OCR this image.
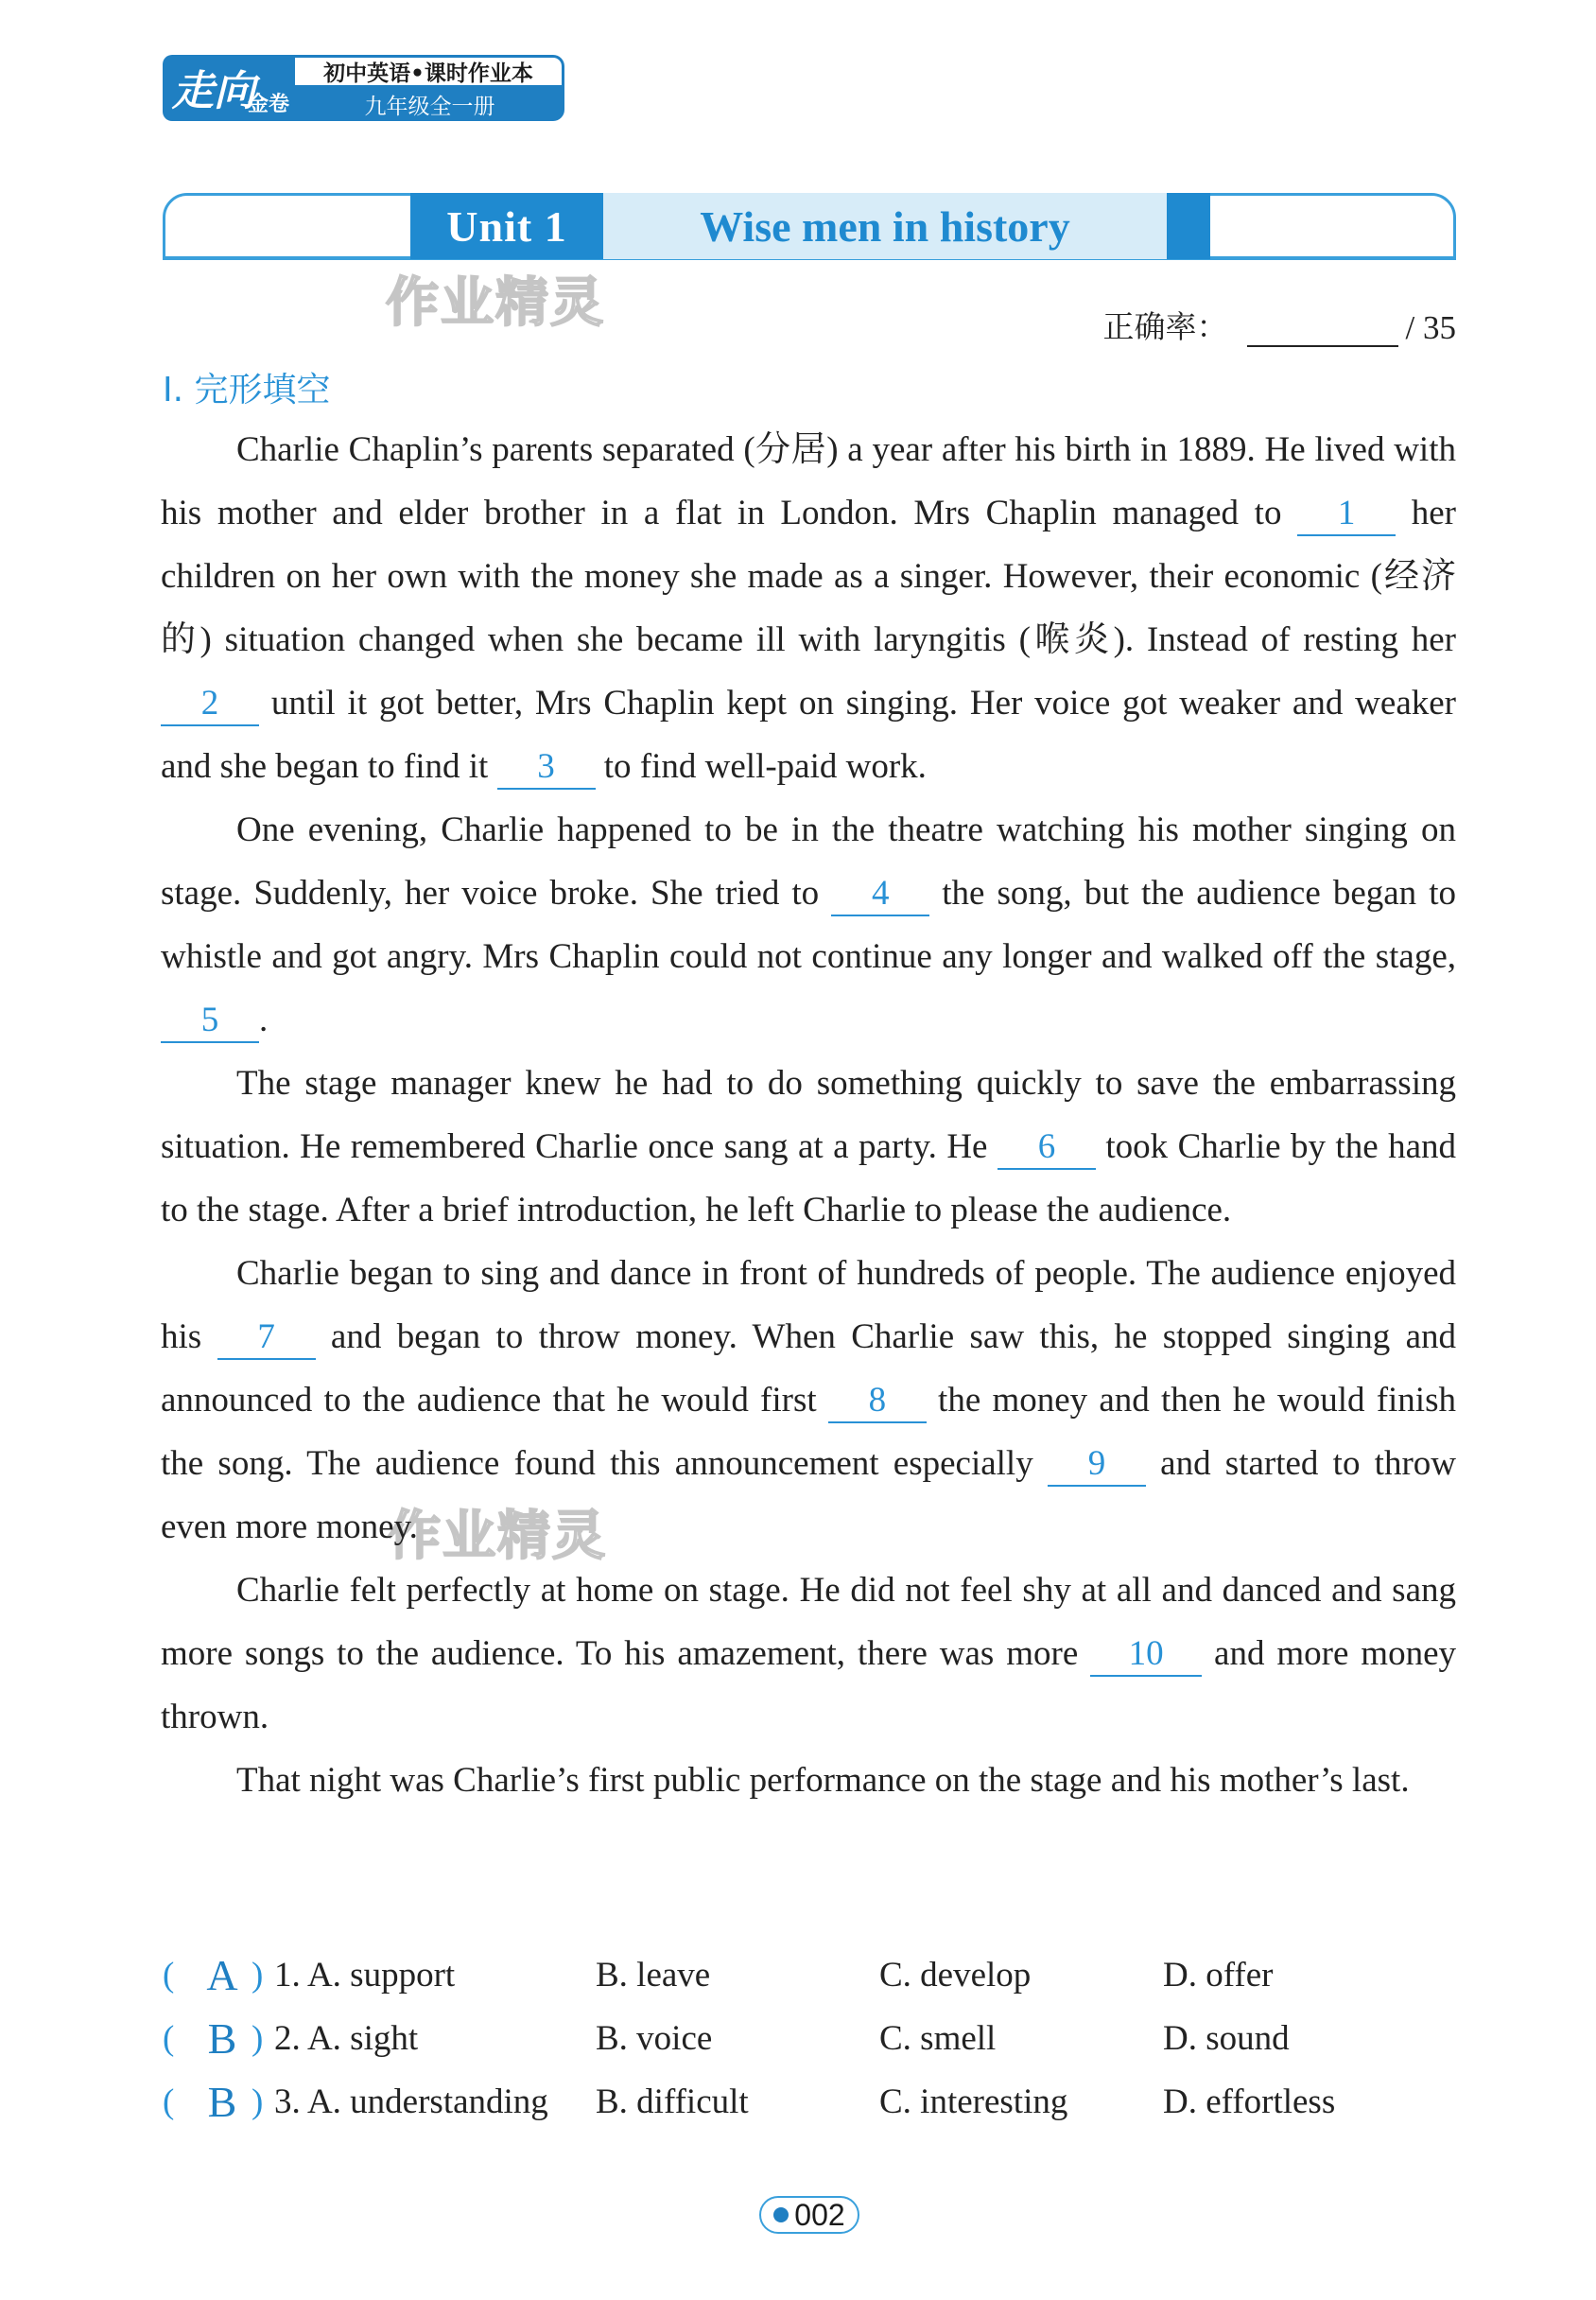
走向
金卷
初中英语•课时作业本
九年级全一册
Unit 1	Wise men in history
作业精灵
作业精灵
正确率：	/ 35
I. 完形填空

Charlie Chaplin’s parents separated (分居) a year after his birth in 1889. He lived with his mother and elder brother in a flat in London. Mrs Chaplin managed to 1 her children on her own with the money she made as a singer. However, their economic (经济的) situation changed when she became ill with laryngitis (喉炎). Instead of resting her 2 until it got better, Mrs Chaplin kept on singing. Her voice got weaker and weaker and she began to find it 3 to find well-paid work.

One evening, Charlie happened to be in the theatre watching his mother singing on stage. Suddenly, her voice broke. She tried to 4 the song, but the audience began to whistle and got angry. Mrs Chaplin could not continue any longer and walked off the stage, 5 .

The stage manager knew he had to do something quickly to save the embarrassing situation. He remembered Charlie once sang at a party. He 6 took Charlie by the hand to the stage. After a brief introduction, he left Charlie to please the audience.

Charlie began to sing and dance in front of hundreds of people. The audience enjoyed his 7 and began to throw money. When Charlie saw this, he stopped singing and announced to the audience that he would first 8 the money and then he would finish the song. The audience found this announcement especially 9 and started to throw even more money.

Charlie felt perfectly at home on stage. He did not feel shy at all and danced and sang more songs to the audience. To his amazement, there was more 10 and more money thrown.

That night was Charlie’s first public performance on the stage and his mother’s last.

( A ) 1. A. support	B. leave	C. develop	D. offer
( B ) 2. A. sight	B. voice	C. smell	D. sound
( B ) 3. A. understanding B. difficult	C. interesting	D. effortless
002
